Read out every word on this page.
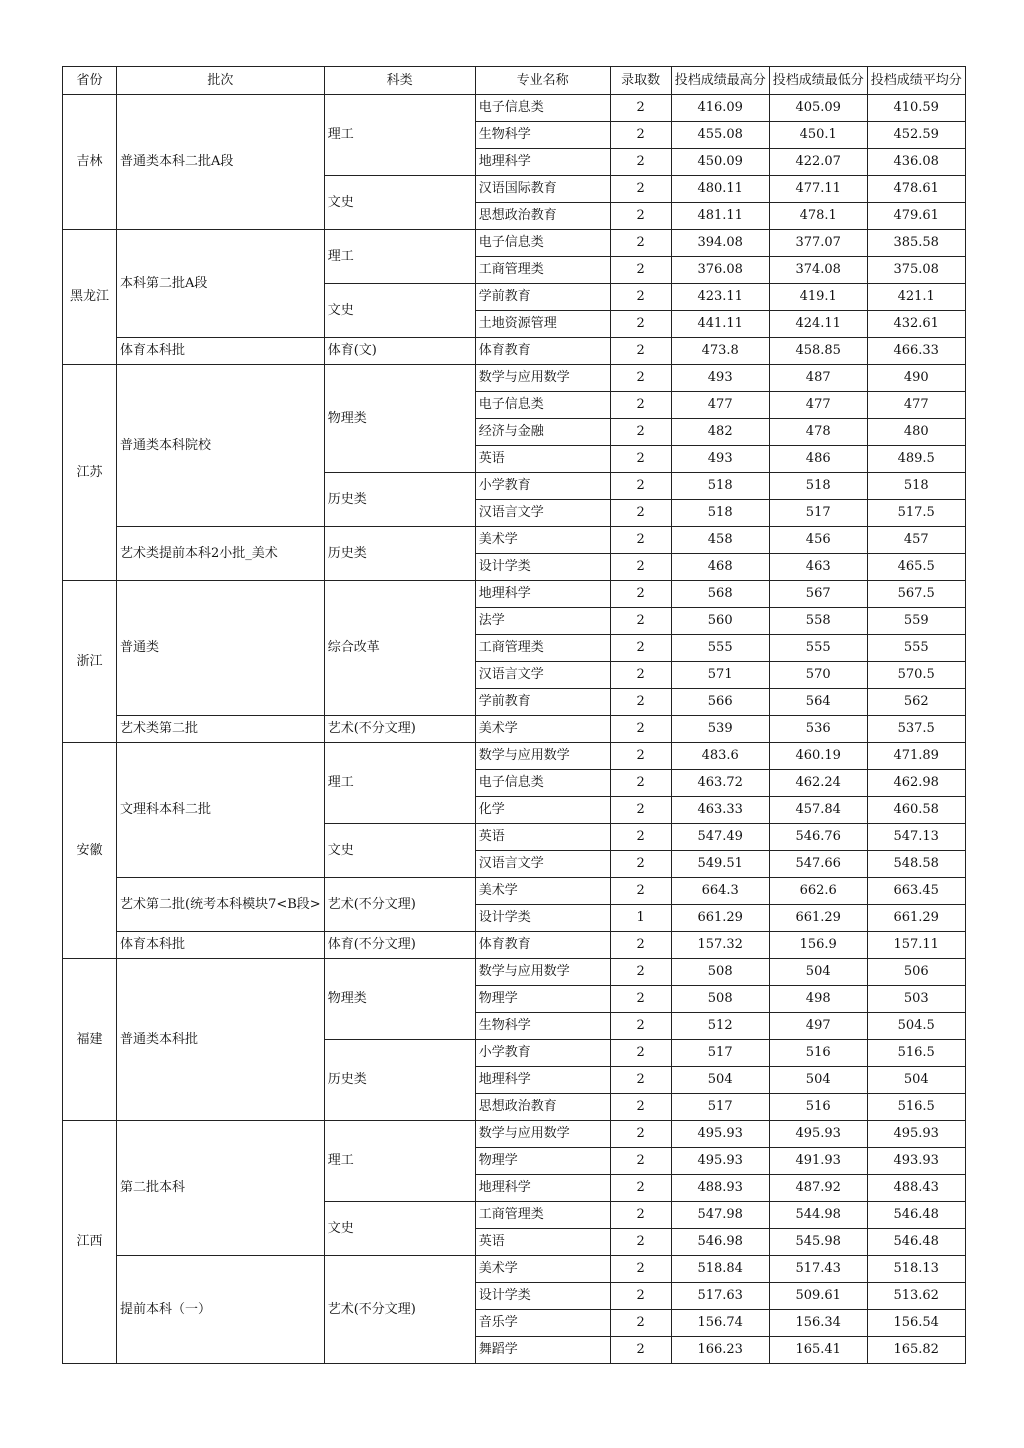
省份	批次	科类	专业名称	录取数	投档成绩最高分	投档成绩最低分	投档成绩平均分
吉林	普通类本科二批A段	理工	电子信息类	2	416.09	405.09	410.59
			生物科学	2	455.08	450.1	452.59
			地理科学	2	450.09	422.07	436.08
		文史	汉语国际教育	2	480.11	477.11	478.61
			思想政治教育	2	481.11	478.1	479.61
黑龙江	本科第二批A段	理工	电子信息类	2	394.08	377.07	385.58
			工商管理类	2	376.08	374.08	375.08
		文史	学前教育	2	423.11	419.1	421.1
			土地资源管理	2	441.11	424.11	432.61
	体育本科批	体育(文)	体育教育	2	473.8	458.85	466.33
江苏	普通类本科院校	物理类	数学与应用数学	2	493	487	490
			电子信息类	2	477	477	477
			经济与金融	2	482	478	480
			英语	2	493	486	489.5
		历史类	小学教育	2	518	518	518
			汉语言文学	2	518	517	517.5
	艺术类提前本科2小批_美术	历史类	美术学	2	458	456	457
			设计学类	2	468	463	465.5
浙江	普通类	综合改革	地理科学	2	568	567	567.5
			法学	2	560	558	559
			工商管理类	2	555	555	555
			汉语言文学	2	571	570	570.5
			学前教育	2	566	564	562
	艺术类第二批	艺术(不分文理)	美术学	2	539	536	537.5
安徽	文理科本科二批	理工	数学与应用数学	2	483.6	460.19	471.89
			电子信息类	2	463.72	462.24	462.98
			化学	2	463.33	457.84	460.58
		文史	英语	2	547.49	546.76	547.13
			汉语言文学	2	549.51	547.66	548.58
	艺术第二批(统考本科模块7<B段>	艺术(不分文理)	美术学	2	664.3	662.6	663.45
			设计学类	1	661.29	661.29	661.29
	体育本科批	体育(不分文理)	体育教育	2	157.32	156.9	157.11
福建	普通类本科批	物理类	数学与应用数学	2	508	504	506
			物理学	2	508	498	503
			生物科学	2	512	497	504.5
		历史类	小学教育	2	517	516	516.5
			地理科学	2	504	504	504
			思想政治教育	2	517	516	516.5
江西	第二批本科	理工	数学与应用数学	2	495.93	495.93	495.93
			物理学	2	495.93	491.93	493.93
			地理科学	2	488.93	487.92	488.43
		文史	工商管理类	2	547.98	544.98	546.48
			英语	2	546.98	545.98	546.48
	提前本科（一）	艺术(不分文理)	美术学	2	518.84	517.43	518.13
			设计学类	2	517.63	509.61	513.62
			音乐学	2	156.74	156.34	156.54
			舞蹈学	2	166.23	165.41	165.82
